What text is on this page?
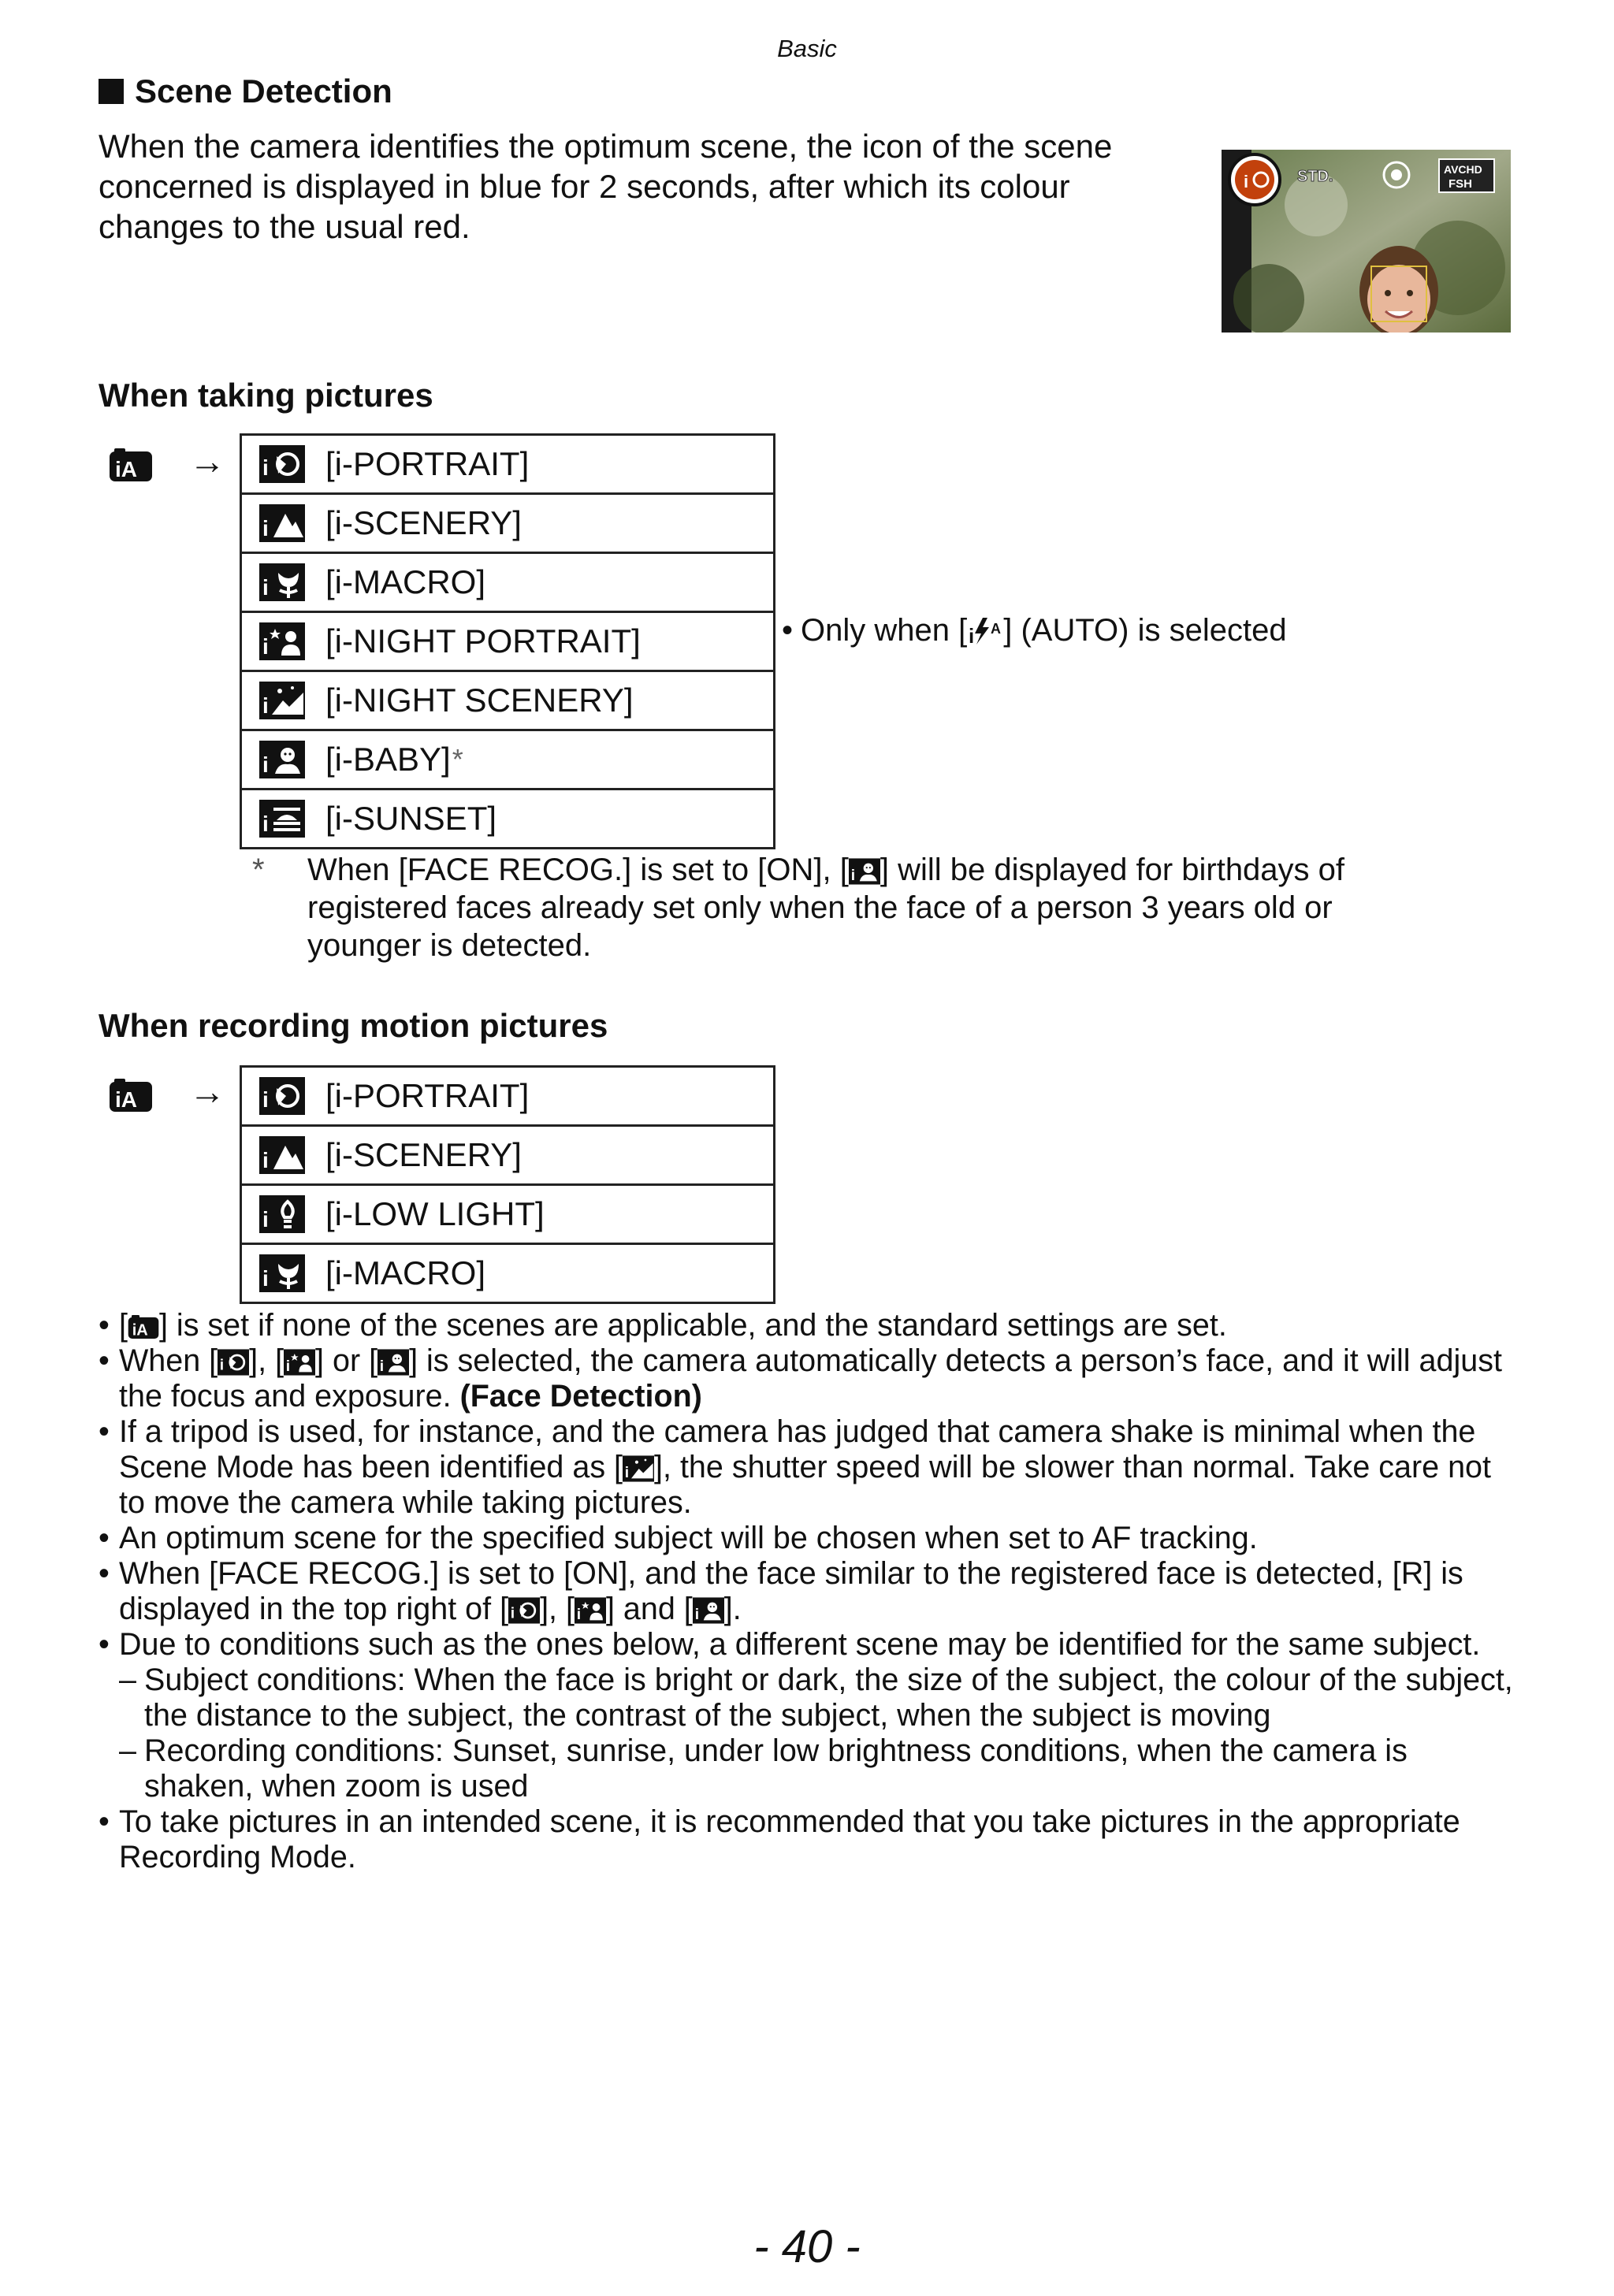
Basic
Scene Detection

When the camera identifies the optimum scene, the icon of the scene concerned is displayed in blue for 2 seconds, after which its colour changes to the usual red.

i	STD.	AVCHD
FSH
When taking pictures
→	[i-PORTRAIT]
[i-SCENERY]
[i-MACRO]
[i-NIGHT PORTRAIT]
[i-NIGHT SCENERY]
[i-BABY] *
[i-SUNSET]
• Only when [ ] (AUTO) is selected
*	When [FACE RECOG.] is set to [ON], [ ] will be displayed for birthdays of registered faces already set only when the face of a person 3 years old or younger is detected.
When recording motion pictures
→	[i-PORTRAIT]
[i-SCENERY]
[i-LOW LIGHT]
[i-MACRO]
• [ ] is set if none of the scenes are applicable, and the standard settings are set.
• When [ ], [ ] or [ ] is selected, the camera automatically detects a person’s face, and it will adjust the focus and exposure. (Face Detection)
• If a tripod is used, for instance, and the camera has judged that camera shake is minimal when the Scene Mode has been identified as [ ], the shutter speed will be slower than normal. Take care not to move the camera while taking pictures.
• An optimum scene for the specified subject will be chosen when set to AF tracking.
• When [FACE RECOG.] is set to [ON], and the face similar to the registered face is detected, [R] is displayed in the top right of [ ], [ ] and [ ].
• Due to conditions such as the ones below, a different scene may be identified for the same subject.
– Subject conditions: When the face is bright or dark, the size of the subject, the colour of the subject, the distance to the subject, the contrast of the subject, when the subject is moving
– Recording conditions: Sunset, sunrise, under low brightness conditions, when the camera is shaken, when zoom is used
• To take pictures in an intended scene, it is recommended that you take pictures in the appropriate Recording Mode.
- 40 -
